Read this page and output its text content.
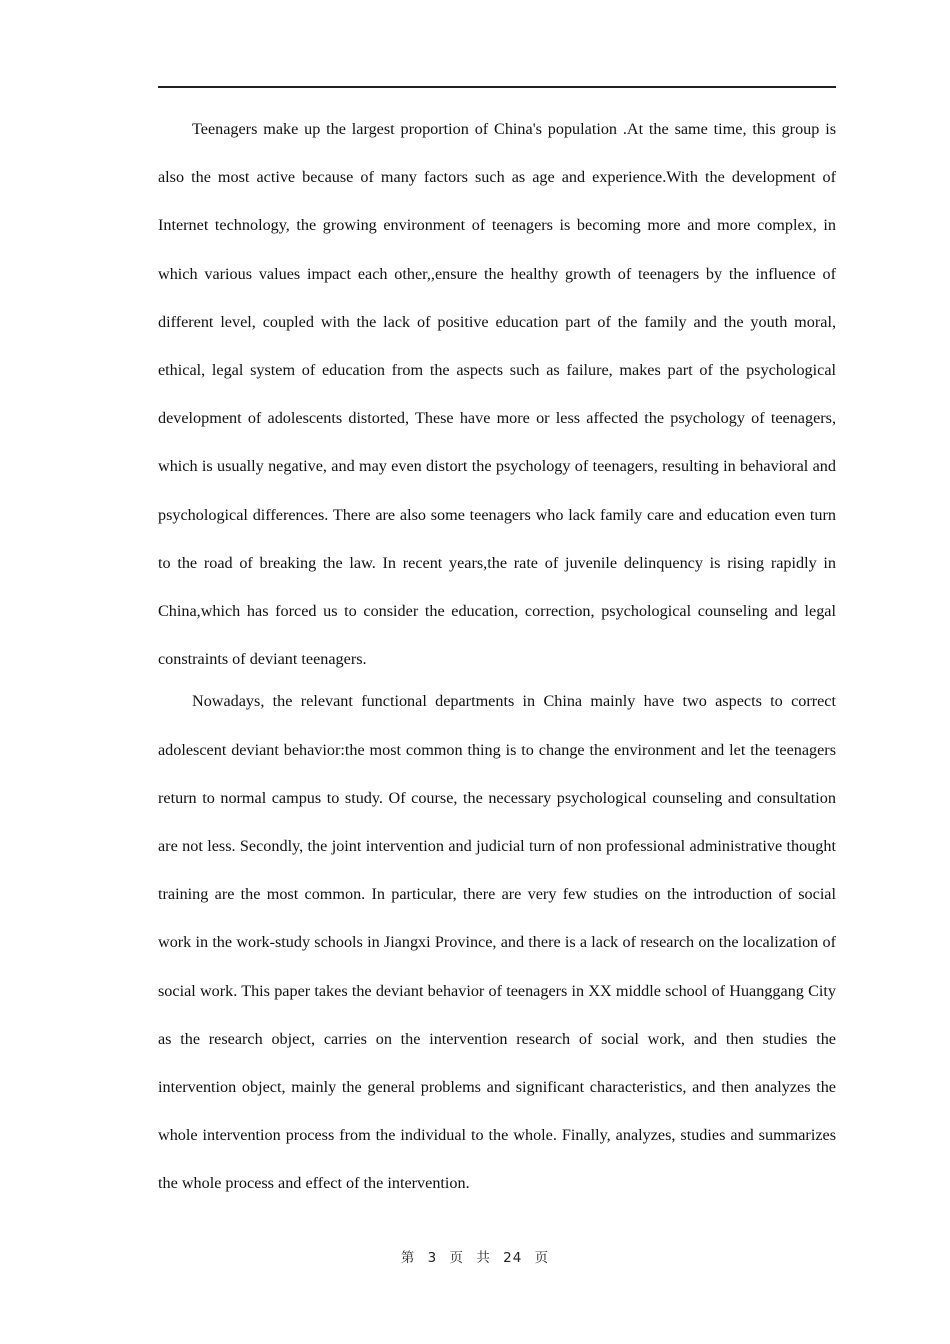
Teenagers make up the largest proportion of China's population .At the same time, this group is also the most active because of many factors such as age and experience.With the development of Internet technology, the growing environment of teenagers is becoming more and more complex, in which various values impact each other,,ensure the healthy growth of teenagers by the influence of different level, coupled with the lack of positive education part of the family and the youth moral, ethical, legal system of education from the aspects such as failure, makes part of the psychological development of adolescents distorted, These have more or less affected the psychology of teenagers, which is usually negative, and may even distort the psychology of teenagers, resulting in behavioral and psychological differences. There are also some teenagers who lack family care and education even turn to the road of breaking the law. In recent years,the rate of juvenile delinquency is rising rapidly in China,which has forced us to consider the education, correction, psychological counseling and legal constraints of deviant teenagers.

Nowadays, the relevant functional departments in China mainly have two aspects to correct adolescent deviant behavior:the most common thing is to change the environment and let the teenagers return to normal campus to study. Of course, the necessary psychological counseling and consultation are not less. Secondly, the joint intervention and judicial turn of non professional administrative thought training are the most common. In particular, there are very few studies on the introduction of social work in the work-study schools in Jiangxi Province, and there is a lack of research on the localization of social work. This paper takes the deviant behavior of teenagers in XX middle school of Huanggang City as the research object, carries on the intervention research of social work, and then studies the intervention object, mainly the general problems and significant characteristics, and then analyzes the whole intervention process from the individual to the whole. Finally, analyzes, studies and summarizes the whole process and effect of the intervention.

第 3 页 共 24 页
